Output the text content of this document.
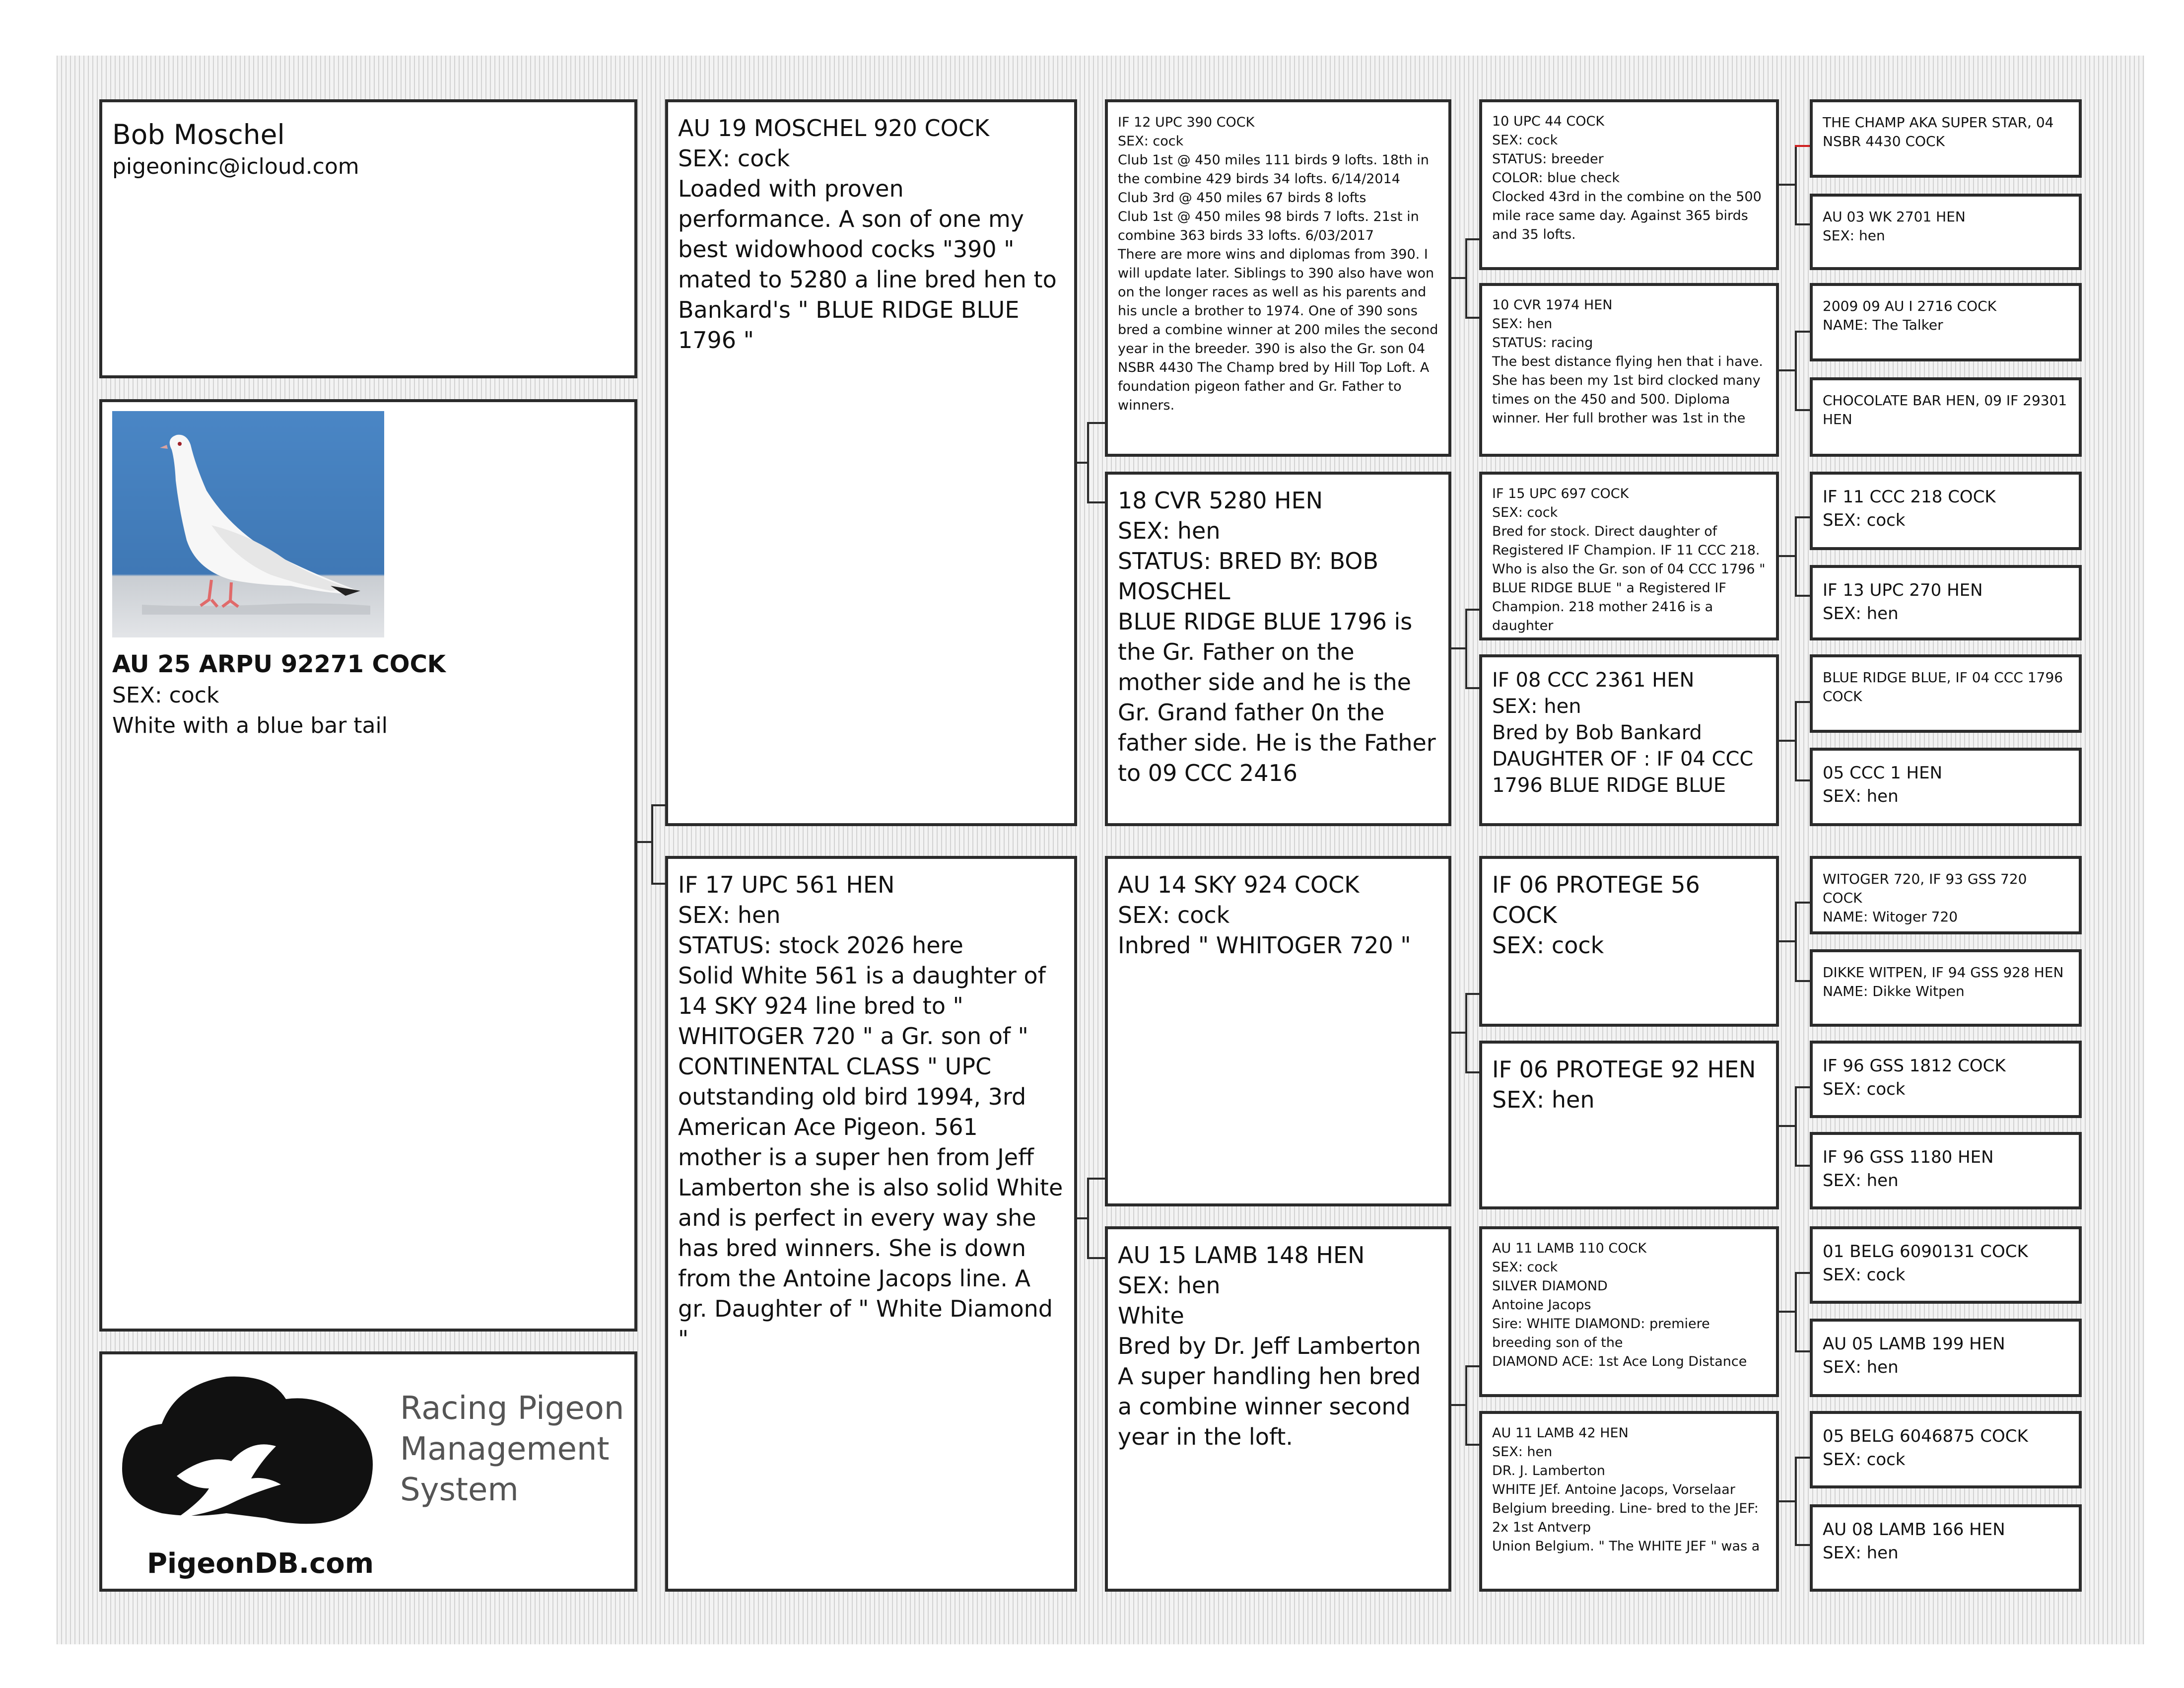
Bob Moschel
pigeoninc@icloud.com
AU 25 ARPU 92271 COCK
SEX: cock
White with a blue bar tail
Racing Pigeon
Management
System
PigeonDB.com
AU 19 MOSCHEL 920 COCK
SEX: cock
Loaded with proven performance. A son of one my best widowhood cocks "390 " mated to 5280 a line bred hen to Bankard's " BLUE RIDGE BLUE 1796 "
IF 17 UPC 561 HEN
SEX: hen
STATUS: stock 2026 here
Solid White 561 is a daughter of 14 SKY 924 line bred to " WHITOGER 720 " a Gr. son of " CONTINENTAL CLASS " UPC outstanding old bird 1994, 3rd American Ace Pigeon. 561 mother is a super hen from Jeff Lamberton she is also solid White and is perfect in every way she has bred winners. She is down from the Antoine Jacops line. A gr. Daughter of " White Diamond "
IF 12 UPC 390 COCK
SEX: cock
Club 1st @ 450 miles 111 birds 9 lofts. 18th in the combine 429 birds 34 lofts. 6/14/2014
Club 3rd @ 450 miles 67 birds 8 lofts
Club 1st @ 450 miles 98 birds 7 lofts. 21st in combine 363 birds 33 lofts. 6/03/2017
There are more wins and diplomas from 390. I will update later. Siblings to 390 also have won on the longer races as well as his parents and his uncle a brother to 1974. One of 390 sons bred a combine winner at 200 miles the second year in the breeder. 390 is also the Gr. son 04 NSBR 4430 The Champ bred by Hill Top Loft. A foundation pigeon father and Gr. Father to winners.
18 CVR 5280 HEN
SEX: hen
STATUS: BRED BY: BOB MOSCHEL
BLUE RIDGE BLUE 1796 is the Gr. Father on the mother side and he is the Gr. Grand father 0n the father side. He is the Father to 09 CCC 2416
AU 14 SKY 924 COCK
SEX: cock
Inbred " WHITOGER 720 "
AU 15 LAMB 148 HEN
SEX: hen
White
Bred by Dr. Jeff Lamberton
A super handling hen bred a combine winner second year in the loft.
10 UPC 44 COCK
SEX: cock
STATUS: breeder
COLOR: blue check
Clocked 43rd in the combine on the 500 mile race same day. Against 365 birds and 35 lofts.
10 CVR 1974 HEN
SEX: hen
STATUS: racing
The best distance flying hen that i have. She has been my 1st bird clocked many times on the 450 and 500. Diploma winner. Her full brother was 1st in the
IF 15 UPC 697 COCK
SEX: cock
Bred for stock. Direct daughter of Registered IF Champion. IF 11 CCC 218. Who is also the Gr. son of 04 CCC 1796 " BLUE RIDGE BLUE " a Registered IF Champion. 218 mother 2416 is a daughter
IF 08 CCC 2361 HEN
SEX: hen
Bred by Bob Bankard
DAUGHTER OF : IF 04 CCC 1796 BLUE RIDGE BLUE
IF 06 PROTEGE 56 COCK
SEX: cock
IF 06 PROTEGE 92 HEN
SEX: hen
AU 11 LAMB 110 COCK
SEX: cock
SILVER DIAMOND
Antoine Jacops
Sire: WHITE DIAMOND: premiere breeding son of the
DIAMOND ACE: 1st Ace Long Distance
AU 11 LAMB 42 HEN
SEX: hen
DR. J. Lamberton
WHITE JEf. Antoine Jacops, Vorselaar Belgium breeding. Line- bred to the JEF: 2x 1st Antverp
Union Belgium. " The WHITE JEF " was a
THE CHAMP AKA SUPER STAR, 04 NSBR 4430 COCK
AU 03 WK 2701 HEN
SEX: hen
2009 09 AU I 2716 COCK
NAME: The Talker
CHOCOLATE BAR HEN, 09 IF 29301 HEN
IF 11 CCC 218 COCK
SEX: cock
IF 13 UPC 270 HEN
SEX: hen
BLUE RIDGE BLUE, IF 04 CCC 1796 COCK
05 CCC 1 HEN
SEX: hen
WITOGER 720, IF 93 GSS 720 COCK
NAME: Witoger 720
DIKKE WITPEN, IF 94 GSS 928 HEN
NAME: Dikke Witpen
IF 96 GSS 1812 COCK
SEX: cock
IF 96 GSS 1180 HEN
SEX: hen
01 BELG 6090131 COCK
SEX: cock
AU 05 LAMB 199 HEN
SEX: hen
05 BELG 6046875 COCK
SEX: cock
AU 08 LAMB 166 HEN
SEX: hen
